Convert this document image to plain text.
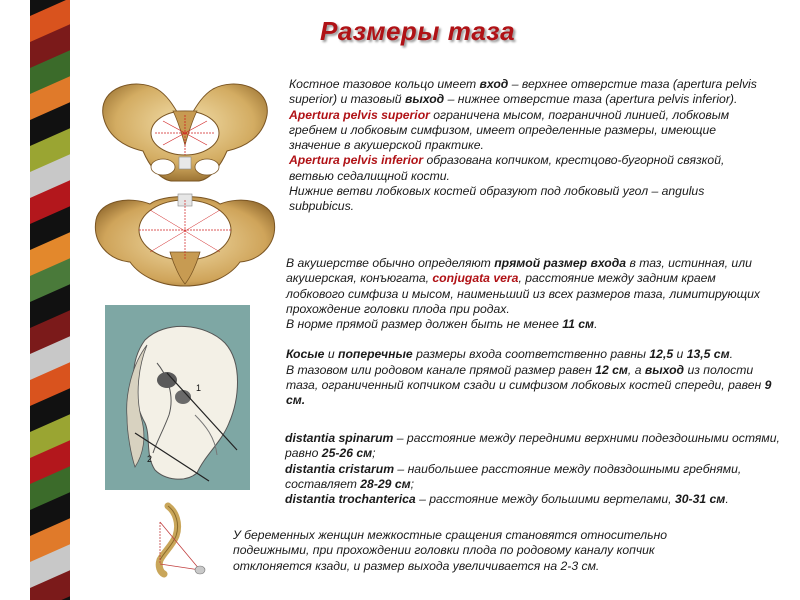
Размеры таза
1
2

Костное тазовое кольцо имеет вход – верхнее отверстие таза (apertura pelvis superior) и тазовый выход – нижнее отверстие таза (apertura pelvis inferior).

Apertura pelvis superior ограничена мысом, пограничной линией, лобковым гребнем и лобковым симфизом, имеет определенные размеры, имеющие значение в акушерской практике.

Apertura pelvis inferior образована копчиком, крестцово-бугорной связкой, ветвью седалищной кости.

Нижние ветви лобковых костей образуют под лобковый угол – angulus subpubicus.

В акушерстве обычно определяют прямой размер входа в таз, истинная, или акушерская, конъюгата, conjugata vera, расстояние между задним краем лобкового симфиза и мысом, наименьший из всех размеров таза, лимитирующих прохождение головки плода при родах.

В норме прямой размер должен быть не менее 11 см.

Косые и поперечные размеры входа соответственно равны 12,5 и 13,5 см.

В тазовом или родовом канале прямой размер равен 12 см, а выход из полости таза, ограниченный копчиком сзади и симфизом лобковых костей спереди, равен 9 см.

distantia spinarum – расстояние между передними верхними подездошными остями, равно 25-26 см;

distantia cristarum – наибольшее расстояние между подвздошными гребнями, составляет 28-29 см;

distantia trochanterica – расстояние между большими вертелами, 30-31 см.

У беременных женщин межкостные сращения становятся относительно подеижными, при прохождении головки плода по родовому каналу копчик отклоняется кзади, и размер выхода увеличивается на 2-3 см.
